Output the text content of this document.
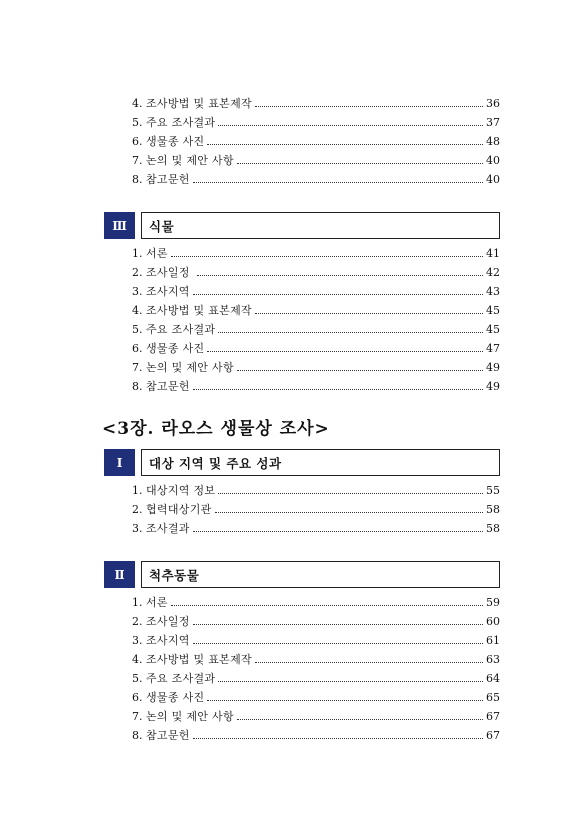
4. 조사방법 및 표본제작	36
5. 주요 조사결과	37
6. 생물종 사진	48
7. 논의 및 제안 사항	40
8. 참고문헌	40
Ⅲ	식물
1. 서론	41
2. 조사일정	42
3. 조사지역	43
4. 조사방법 및 표본제작	45
5. 주요 조사결과	45
6. 생물종 사진	47
7. 논의 및 제안 사항	49
8. 참고문헌	49
<3장. 라오스 생물상 조사>
Ⅰ	대상 지역 및 주요 성과
1. 대상지역 정보	55
2. 협력대상기관	58
3. 조사결과	58
Ⅱ	척추동물
1. 서론	59
2. 조사일정	60
3. 조사지역	61
4. 조사방법 및 표본제작	63
5. 주요 조사결과	64
6. 생물종 사진	65
7. 논의 및 제안 사항	67
8. 참고문헌	67
